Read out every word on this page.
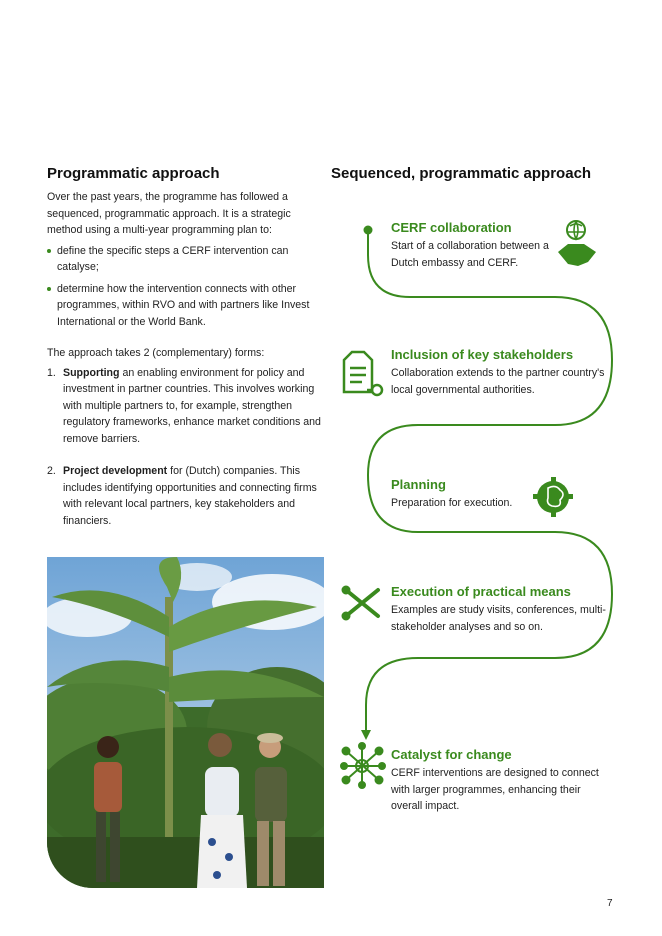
Programmatic approach	Sequenced, programmatic approach

Over the past years, the programme has followed a sequenced, programmatic approach. It is a strategic method using a multi-year programming plan to:

define the specific steps a CERF intervention can catalyse;
determine how the intervention connects with other programmes, within RVO and with partners like Invest International or the World Bank.

The approach takes 2 (complementary) forms:

1. Supporting an enabling environment for policy and investment in partner countries. This involves working with multiple partners to, for example, strengthen regulatory frameworks, enhance market conditions and remove barriers.
2. Project development for (Dutch) companies. This includes identifying opportunities and connecting firms with relevant local partners, key stakeholders and financiers.

CERF collaboration

Start of a collaboration between a Dutch embassy and CERF.

Inclusion of key stakeholders

Collaboration extends to the partner country's local governmental authorities.

Planning

Preparation for execution.

Execution of practical means

Examples are study visits, conferences, multi-stakeholder analyses and so on.

Catalyst for change

CERF interventions are designed to connect with larger programmes, enhancing their overall impact.

7
